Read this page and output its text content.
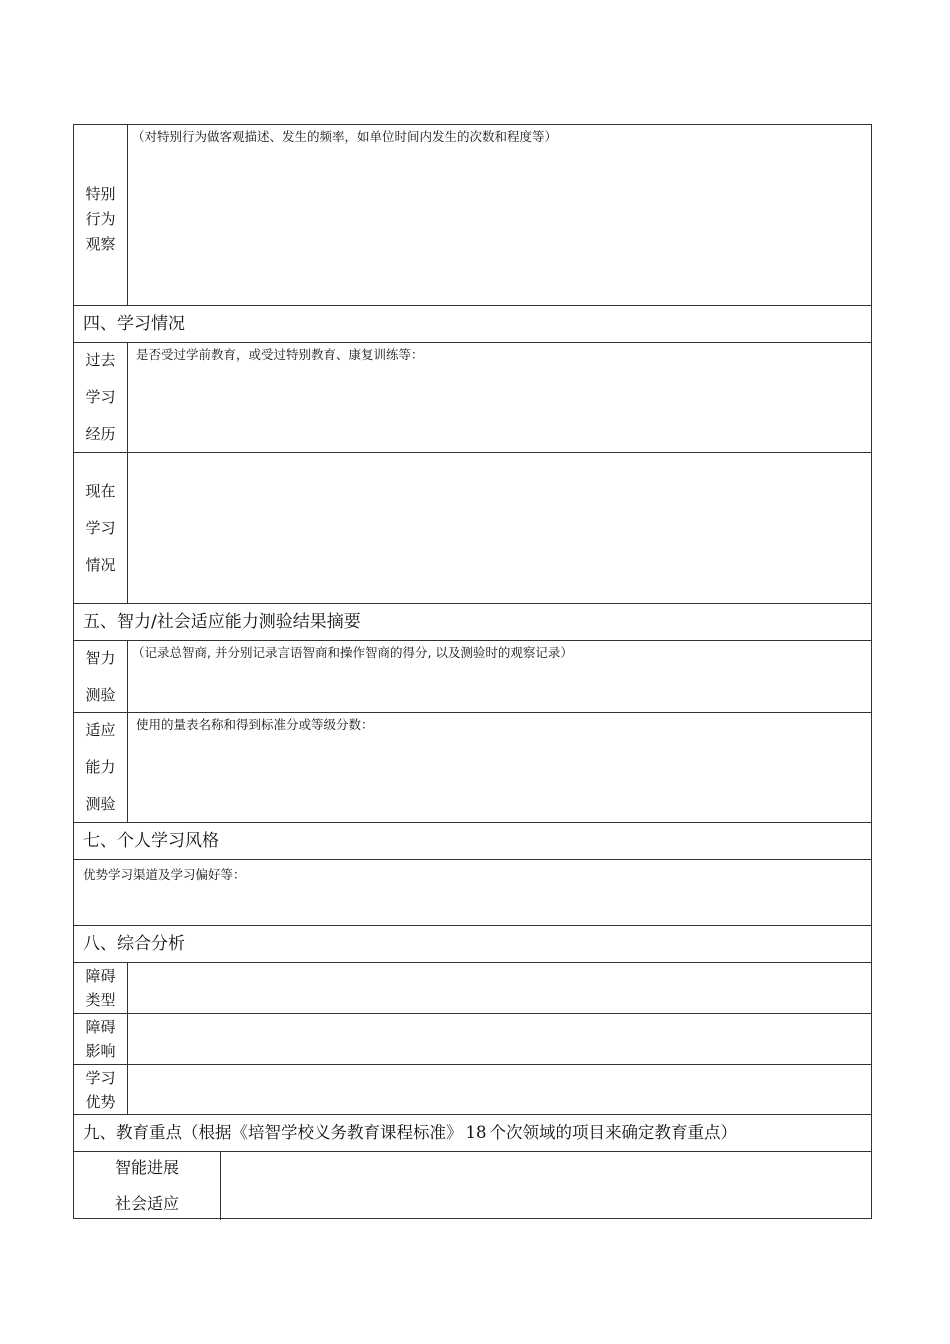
特别
行为
观察
（对特别行为做客观描述、发生的频率，如单位时间内发生的次数和程度等）
四、学习情况
过去
学习
经历
是否受过学前教育，或受过特别教育、康复训练等：
现在
学习
情况
五、智力/社会适应能力测验结果摘要
智力
测验
（记录总智商, 并分别记录言语智商和操作智商的得分, 以及测验时的观察记录）
适应
能力
测验
使用的量表名称和得到标准分或等级分数：
七、个人学习风格
优势学习渠道及学习偏好等：
八、综合分析
障碍
类型
障碍
影响
学习
优势
九、教育重点（根据《培智学校义务教育课程标准》 18 个次领域的项目来确定教育重点）
智能进展
社会适应
